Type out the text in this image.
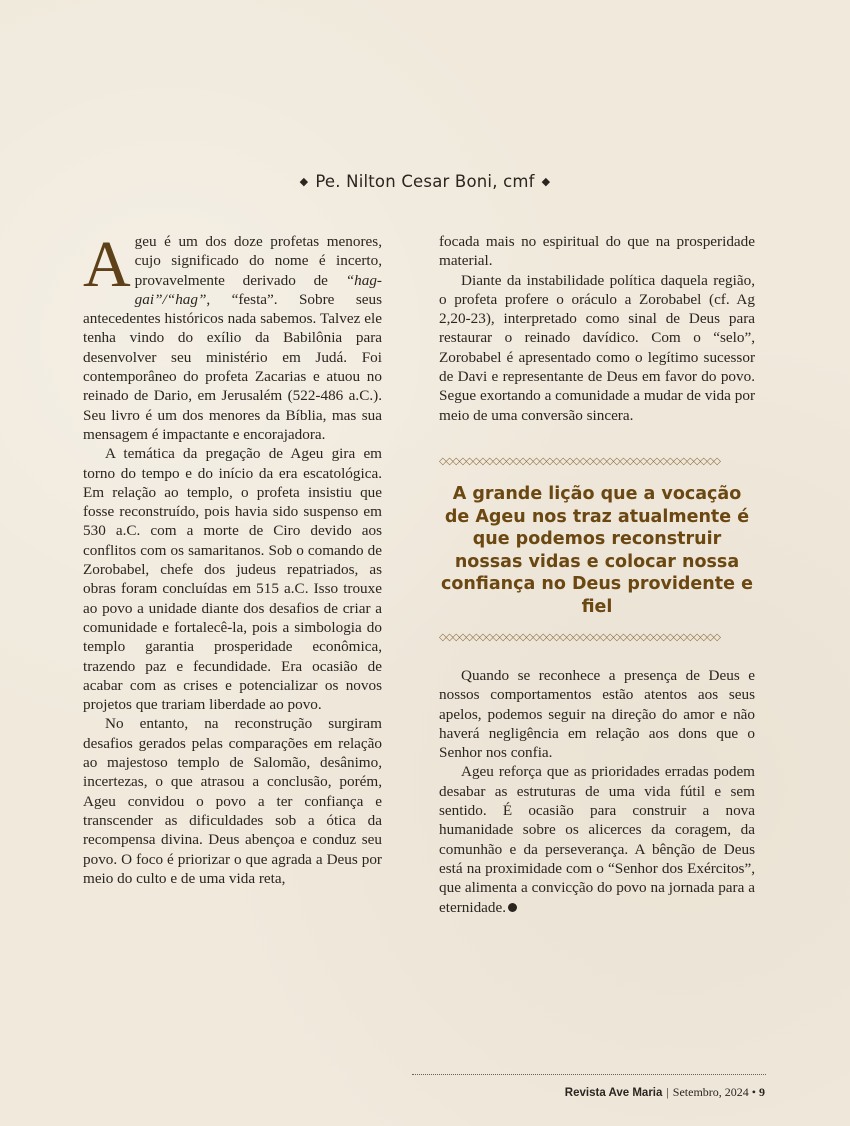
◆ Pe. Nilton Cesar Boni, cmf ◆

Ageu é um dos doze profetas menores, cujo significado do nome é incerto, provavelmente derivado de “hag-gai”/“hag”, “festa”. Sobre seus antecedentes históricos nada sabemos. Talvez ele tenha vindo do exílio da Babilônia para desenvolver seu ministério em Judá. Foi contemporâneo do profeta Zacarias e atuou no reinado de Dario, em Jerusalém (522-486 a.C.). Seu livro é um dos menores da Bíblia, mas sua mensagem é impactante e encorajadora.

A temática da pregação de Ageu gira em torno do tempo e do início da era escatológica. Em relação ao templo, o profeta insistiu que fosse reconstruído, pois havia sido suspenso em 530 a.C. com a morte de Ciro devido aos conflitos com os samaritanos. Sob o comando de Zorobabel, chefe dos judeus repatriados, as obras foram concluídas em 515 a.C. Isso trouxe ao povo a unidade diante dos desafios de criar a comunidade e fortalecê-la, pois a simbologia do templo garantia prosperidade econômica, trazendo paz e fecundidade. Era ocasião de acabar com as crises e potencializar os novos projetos que trariam liberdade ao povo.

No entanto, na reconstrução surgiram desafios gerados pelas comparações em relação ao majestoso templo de Salomão, desânimo, incertezas, o que atrasou a conclusão, porém, Ageu convidou o povo a ter confiança e transcender as dificuldades sob a ótica da recompensa divina. Deus abençoa e conduz seu povo. O foco é priorizar o que agrada a Deus por meio do culto e de uma vida reta,

focada mais no espiritual do que na prosperidade material.

Diante da instabilidade política daquela região, o profeta profere o oráculo a Zorobabel (cf. Ag 2,20-23), interpretado como sinal de Deus para restaurar o reinado davídico. Com o “selo”, Zorobabel é apresentado como o legítimo sucessor de Davi e representante de Deus em favor do povo. Segue exortando a comunidade a mudar de vida por meio de uma conversão sincera.

◇◇◇◇◇◇◇◇◇◇◇◇◇◇◇◇◇◇◇◇◇◇◇◇◇◇◇◇◇◇◇◇◇◇◇◇◇◇◇◇◇◇
A grande lição que a vocação de Ageu nos traz atualmente é que podemos reconstruir nossas vidas e colocar nossa confiança no Deus providente e fiel
◇◇◇◇◇◇◇◇◇◇◇◇◇◇◇◇◇◇◇◇◇◇◇◇◇◇◇◇◇◇◇◇◇◇◇◇◇◇◇◇◇◇

Quando se reconhece a presença de Deus e nossos comportamentos estão atentos aos seus apelos, podemos seguir na direção do amor e não haverá negligência em relação aos dons que o Senhor nos confia.

Ageu reforça que as prioridades erradas podem desabar as estruturas de uma vida fútil e sem sentido. É ocasião para construir a nova humanidade sobre os alicerces da coragem, da comunhão e da perseverança. A bênção de Deus está na proximidade com o “Senhor dos Exércitos”, que alimenta a convicção do povo na jornada para a eternidade.

Revista Ave Maria | Setembro, 2024 • 9
